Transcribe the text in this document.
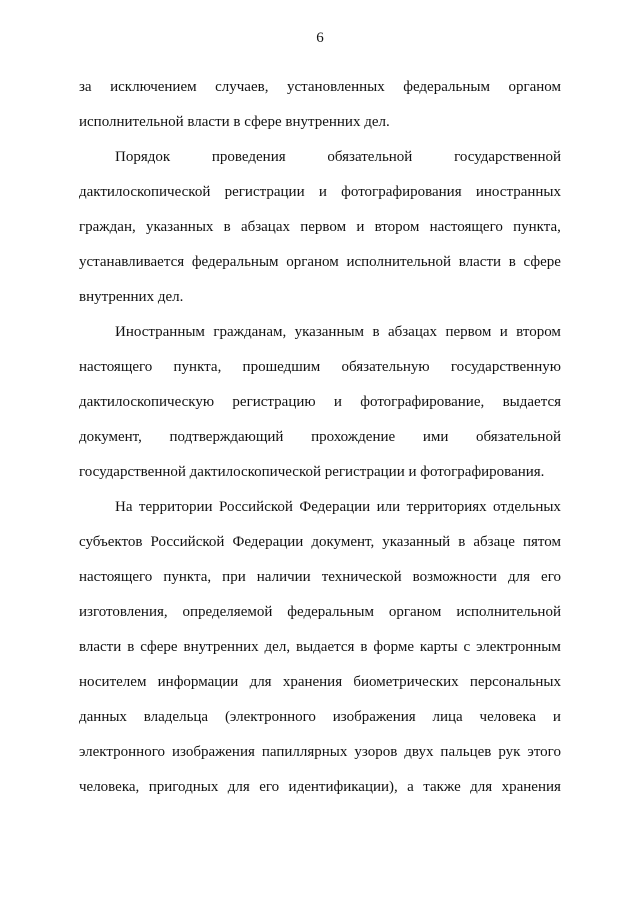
6
за исключением случаев, установленных федеральным органом
исполнительной власти в сфере внутренних дел.
Порядок	проведения	обязательной	государственной
дактилоскопической регистрации и фотографирования иностранных
граждан, указанных в абзацах первом и втором настоящего пункта,
устанавливается федеральным органом исполнительной власти в сфере
внутренних дел.
Иностранным гражданам, указанным в абзацах первом и втором
настоящего пункта, прошедшим обязательную государственную
дактилоскопическую регистрацию и фотографирование, выдается
документ, подтверждающий прохождение ими обязательной
государственной дактилоскопической регистрации и фотографирования.
На территории Российской Федерации или территориях отдельных
субъектов Российской Федерации документ, указанный в абзаце пятом
настоящего пункта, при наличии технической возможности для его
изготовления, определяемой федеральным органом исполнительной
власти в сфере внутренних дел, выдается в форме карты с электронным
носителем информации для хранения биометрических персональных
данных владельца (электронного изображения лица человека и
электронного изображения папиллярных узоров двух пальцев рук этого
человека, пригодных для его идентификации), а также для хранения
